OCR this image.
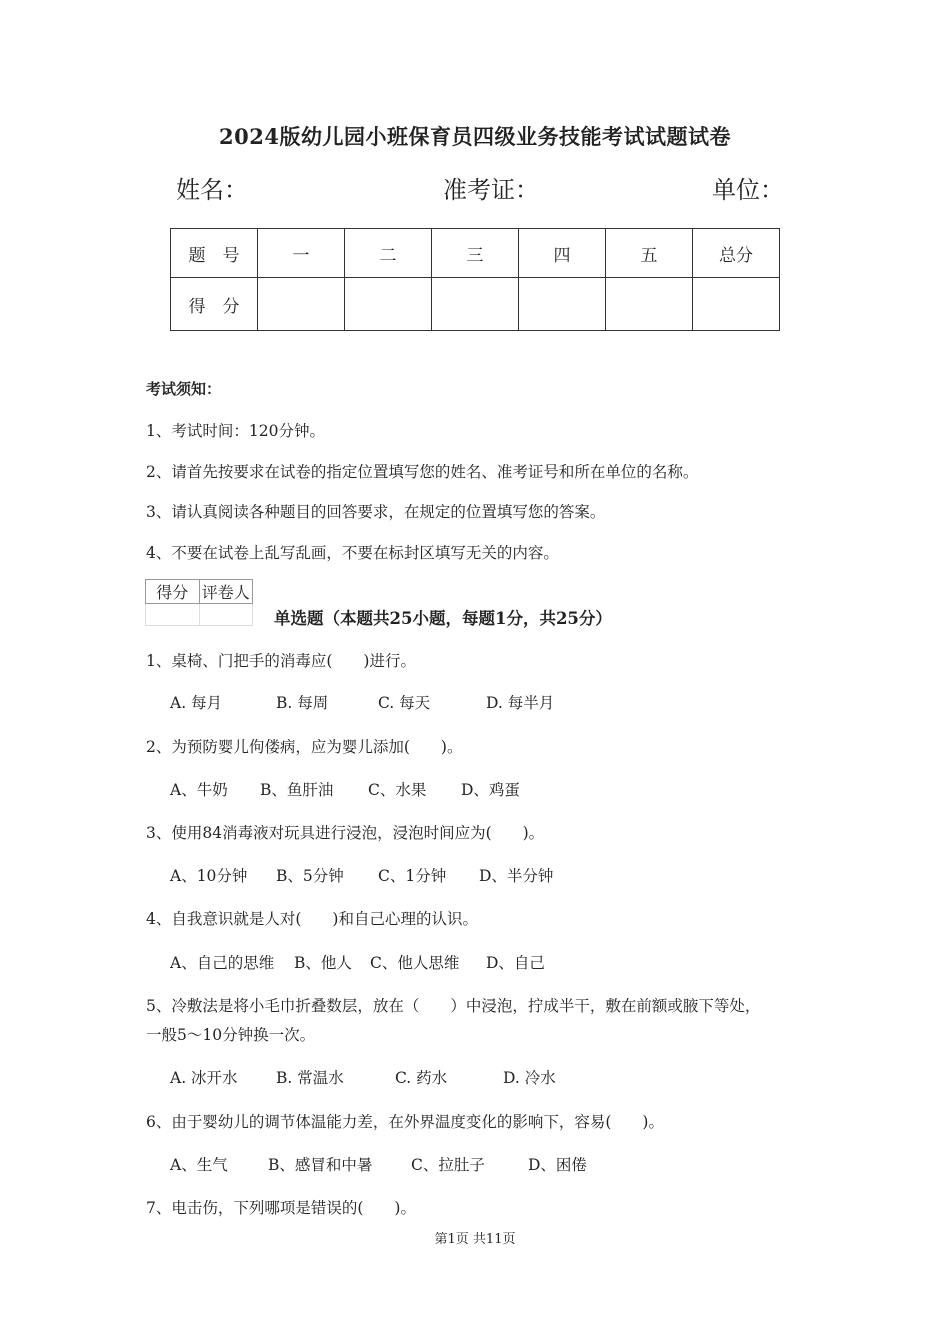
2024版幼儿园小班保育员四级业务技能考试试题试卷
姓名：	准考证：	单位：
题　号	一	二	三	四	五	总分
得　分						
考试须知：
1、考试时间：120分钟。
2、请首先按要求在试卷的指定位置填写您的姓名、准考证号和所在单位的名称。
3、请认真阅读各种题目的回答要求，在规定的位置填写您的答案。
4、不要在试卷上乱写乱画，不要在标封区填写无关的内容。
得分	评卷人

单选题（本题共25小题，每题1分，共25分）
1、桌椅、门把手的消毒应(　　)进行。
A. 每月	B. 每周	C. 每天	D. 每半月
2、为预防婴儿佝偻病，应为婴儿添加(　　)。
A、牛奶 B、鱼肝油 C、水果 D、鸡蛋
3、使用84消毒液对玩具进行浸泡，浸泡时间应为(　　)。
A、10分钟 B、5分钟 C、1分钟 D、半分钟
4、自我意识就是人对(　　)和自己心理的认识。
A、自己的思维 B、他人 C、他人思维 D、自己
5、冷敷法是将小毛巾折叠数层，放在（　　）中浸泡，拧成半干，敷在前额或腋下等处，
一般5～10分钟换一次。
A. 冰开水 B. 常温水	C. 药水	D. 冷水
6、由于婴幼儿的调节体温能力差，在外界温度变化的影响下，容易(　　)。
A、生气	B、感冒和中暑 C、拉肚子	D、困倦
7、电击伤，下列哪项是错误的(　　)。
第1页 共11页
